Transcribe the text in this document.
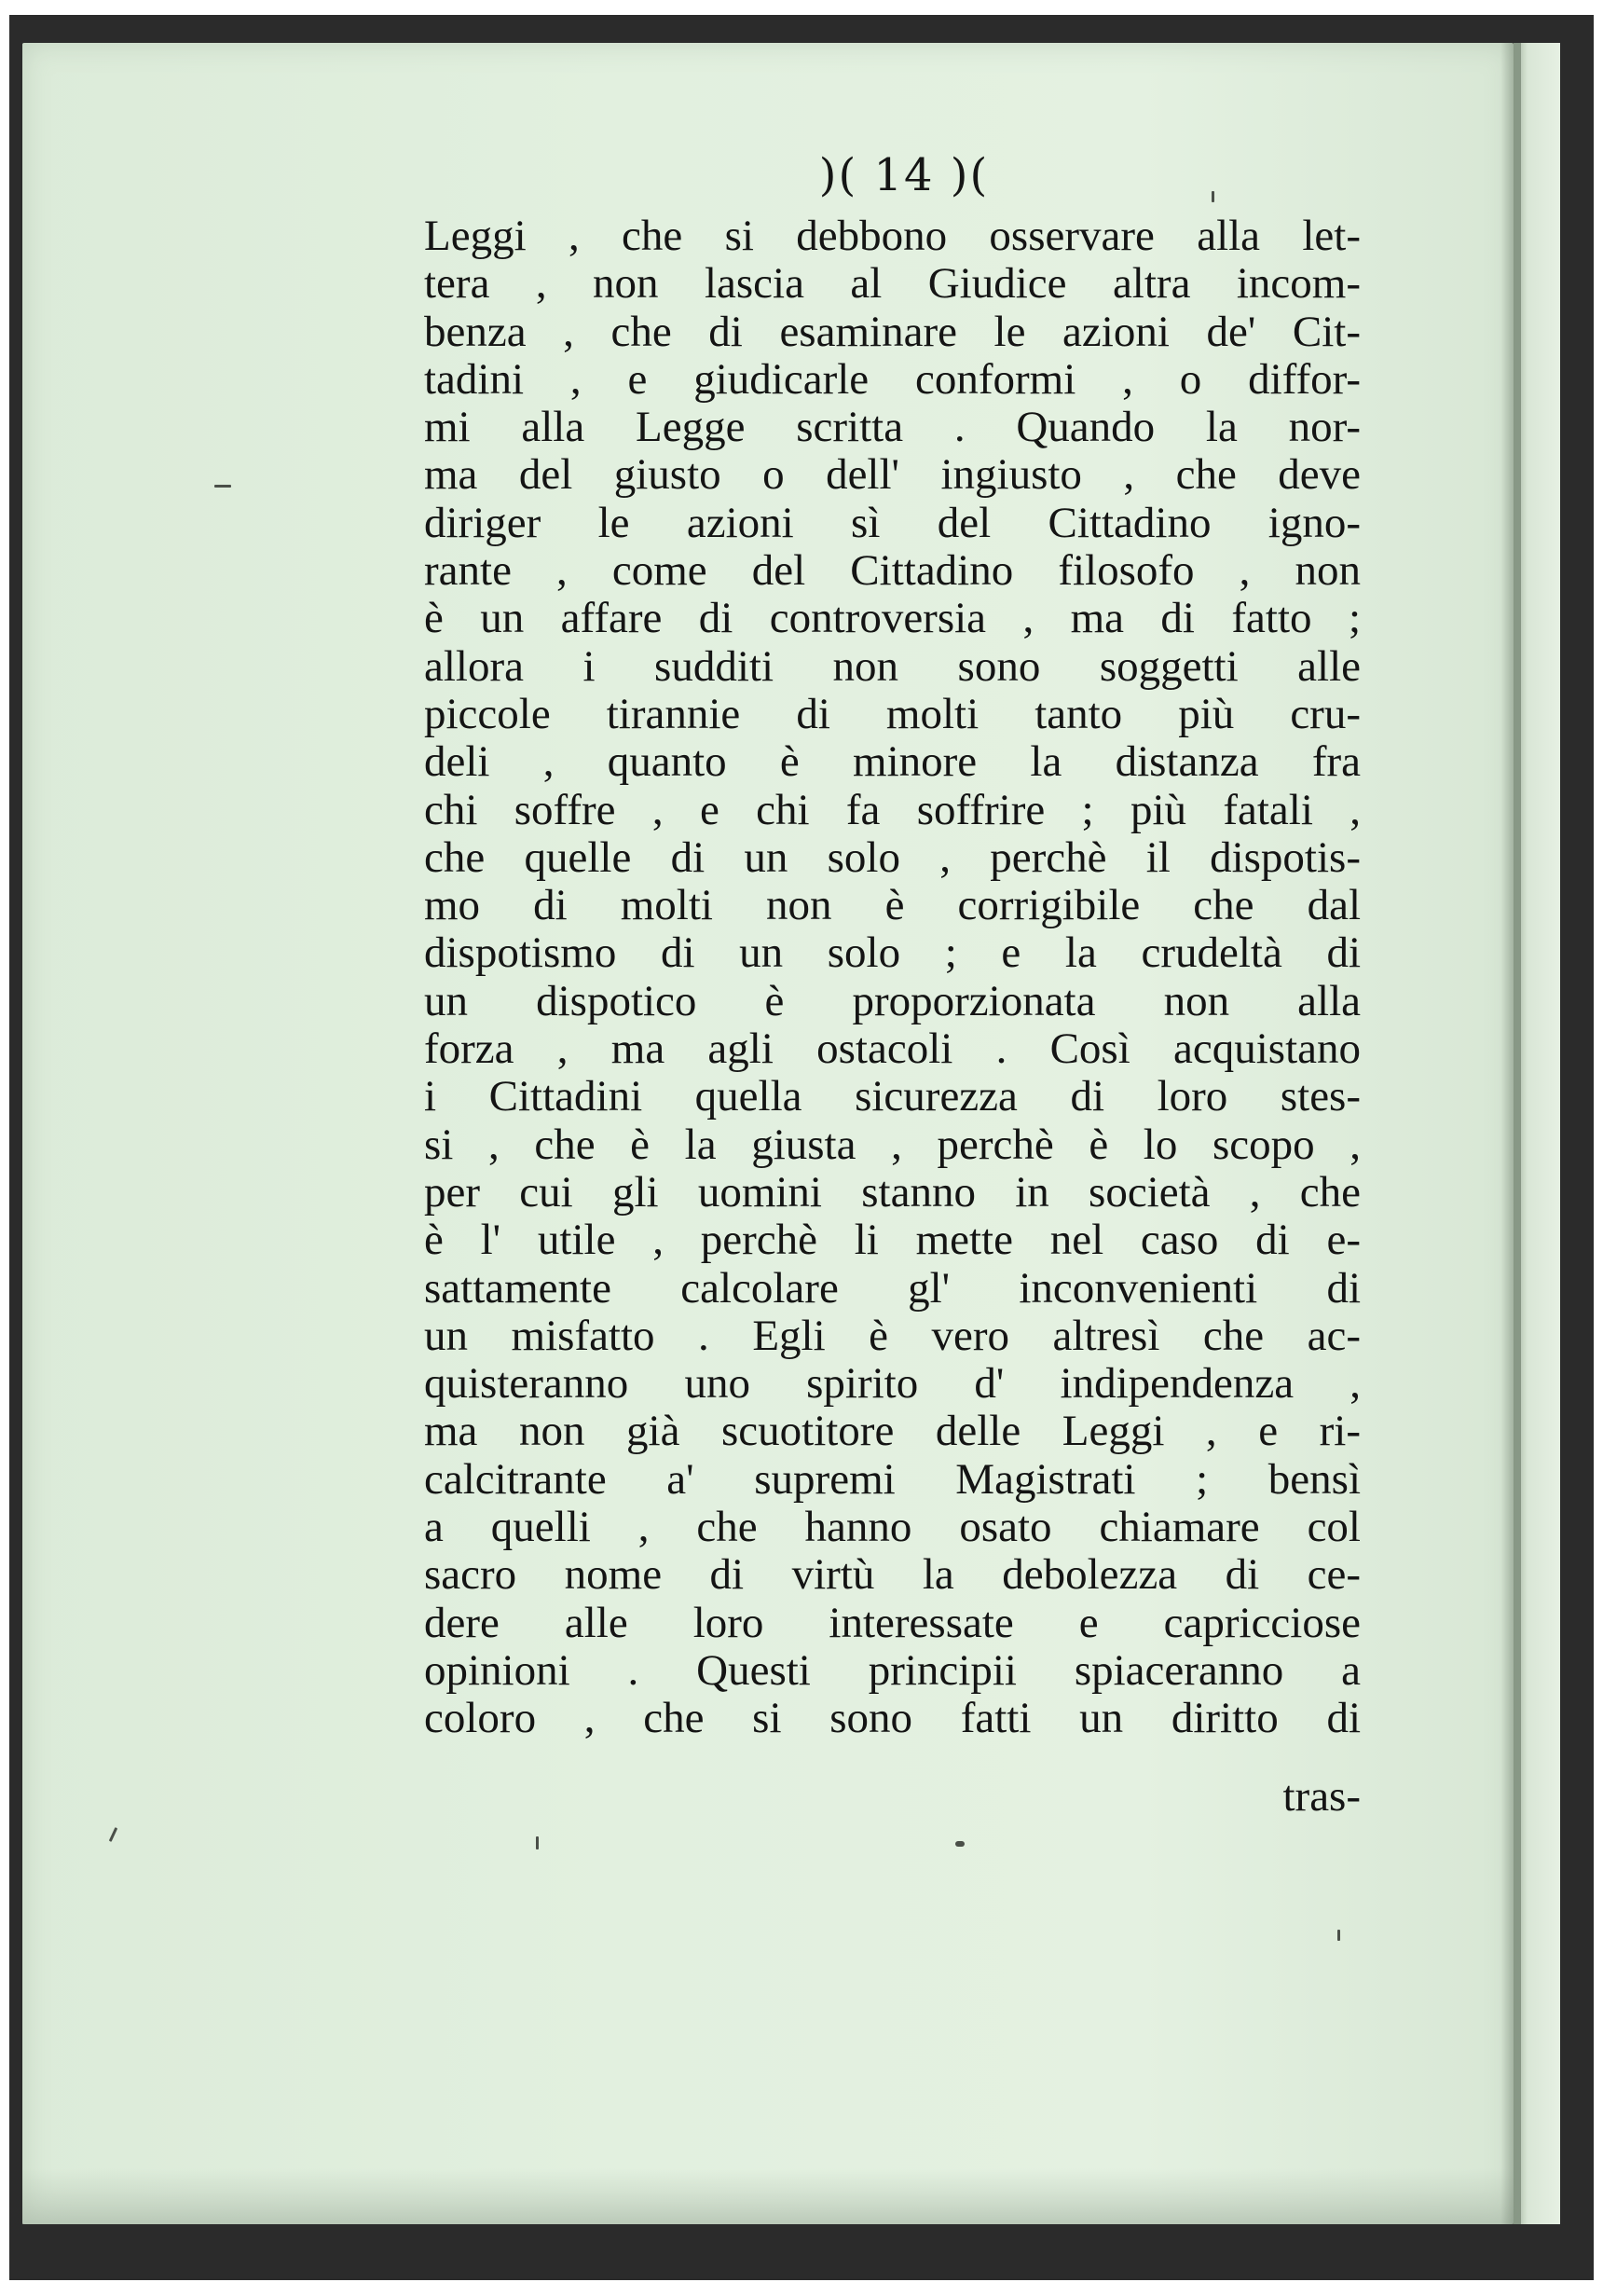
)( 14 )(
Leggi , che si debbono osservare alla let-
tera , non lascia al Giudice altra incom-
benza , che di esaminare le azioni de' Cit-
tadini , e giudicarle conformi , o diffor-
mi alla Legge scritta . Quando la nor-
ma del giusto o dell' ingiusto , che deve
diriger le azioni sì del Cittadino igno-
rante , come del Cittadino filosofo , non
è un affare di controversia , ma di fatto ;
allora i sudditi non sono soggetti alle
piccole tirannie di molti tanto più cru-
deli , quanto è minore la distanza fra
chi soffre , e chi fa soffrire ; più fatali ,
che quelle di un solo , perchè il dispotis-
mo di molti non è corrigibile che dal
dispotismo di un solo ; e la crudeltà di
un dispotico è proporzionata non alla
forza , ma agli ostacoli . Così acquistano
i Cittadini quella sicurezza di loro stes-
si , che è la giusta , perchè è lo scopo ,
per cui gli uomini stanno in società , che
è l' utile , perchè li mette nel caso di e-
sattamente calcolare gl' inconvenienti di
un misfatto . Egli è vero altresì che ac-
quisteranno uno spirito d' indipendenza ,
ma non già scuotitore delle Leggi , e ri-
calcitrante a' supremi Magistrati ; bensì
a quelli , che hanno osato chiamare col
sacro nome di virtù la debolezza di ce-
dere alle loro interessate e capricciose
opinioni . Questi principii spiaceranno a
coloro , che si sono fatti un diritto di
tras-
